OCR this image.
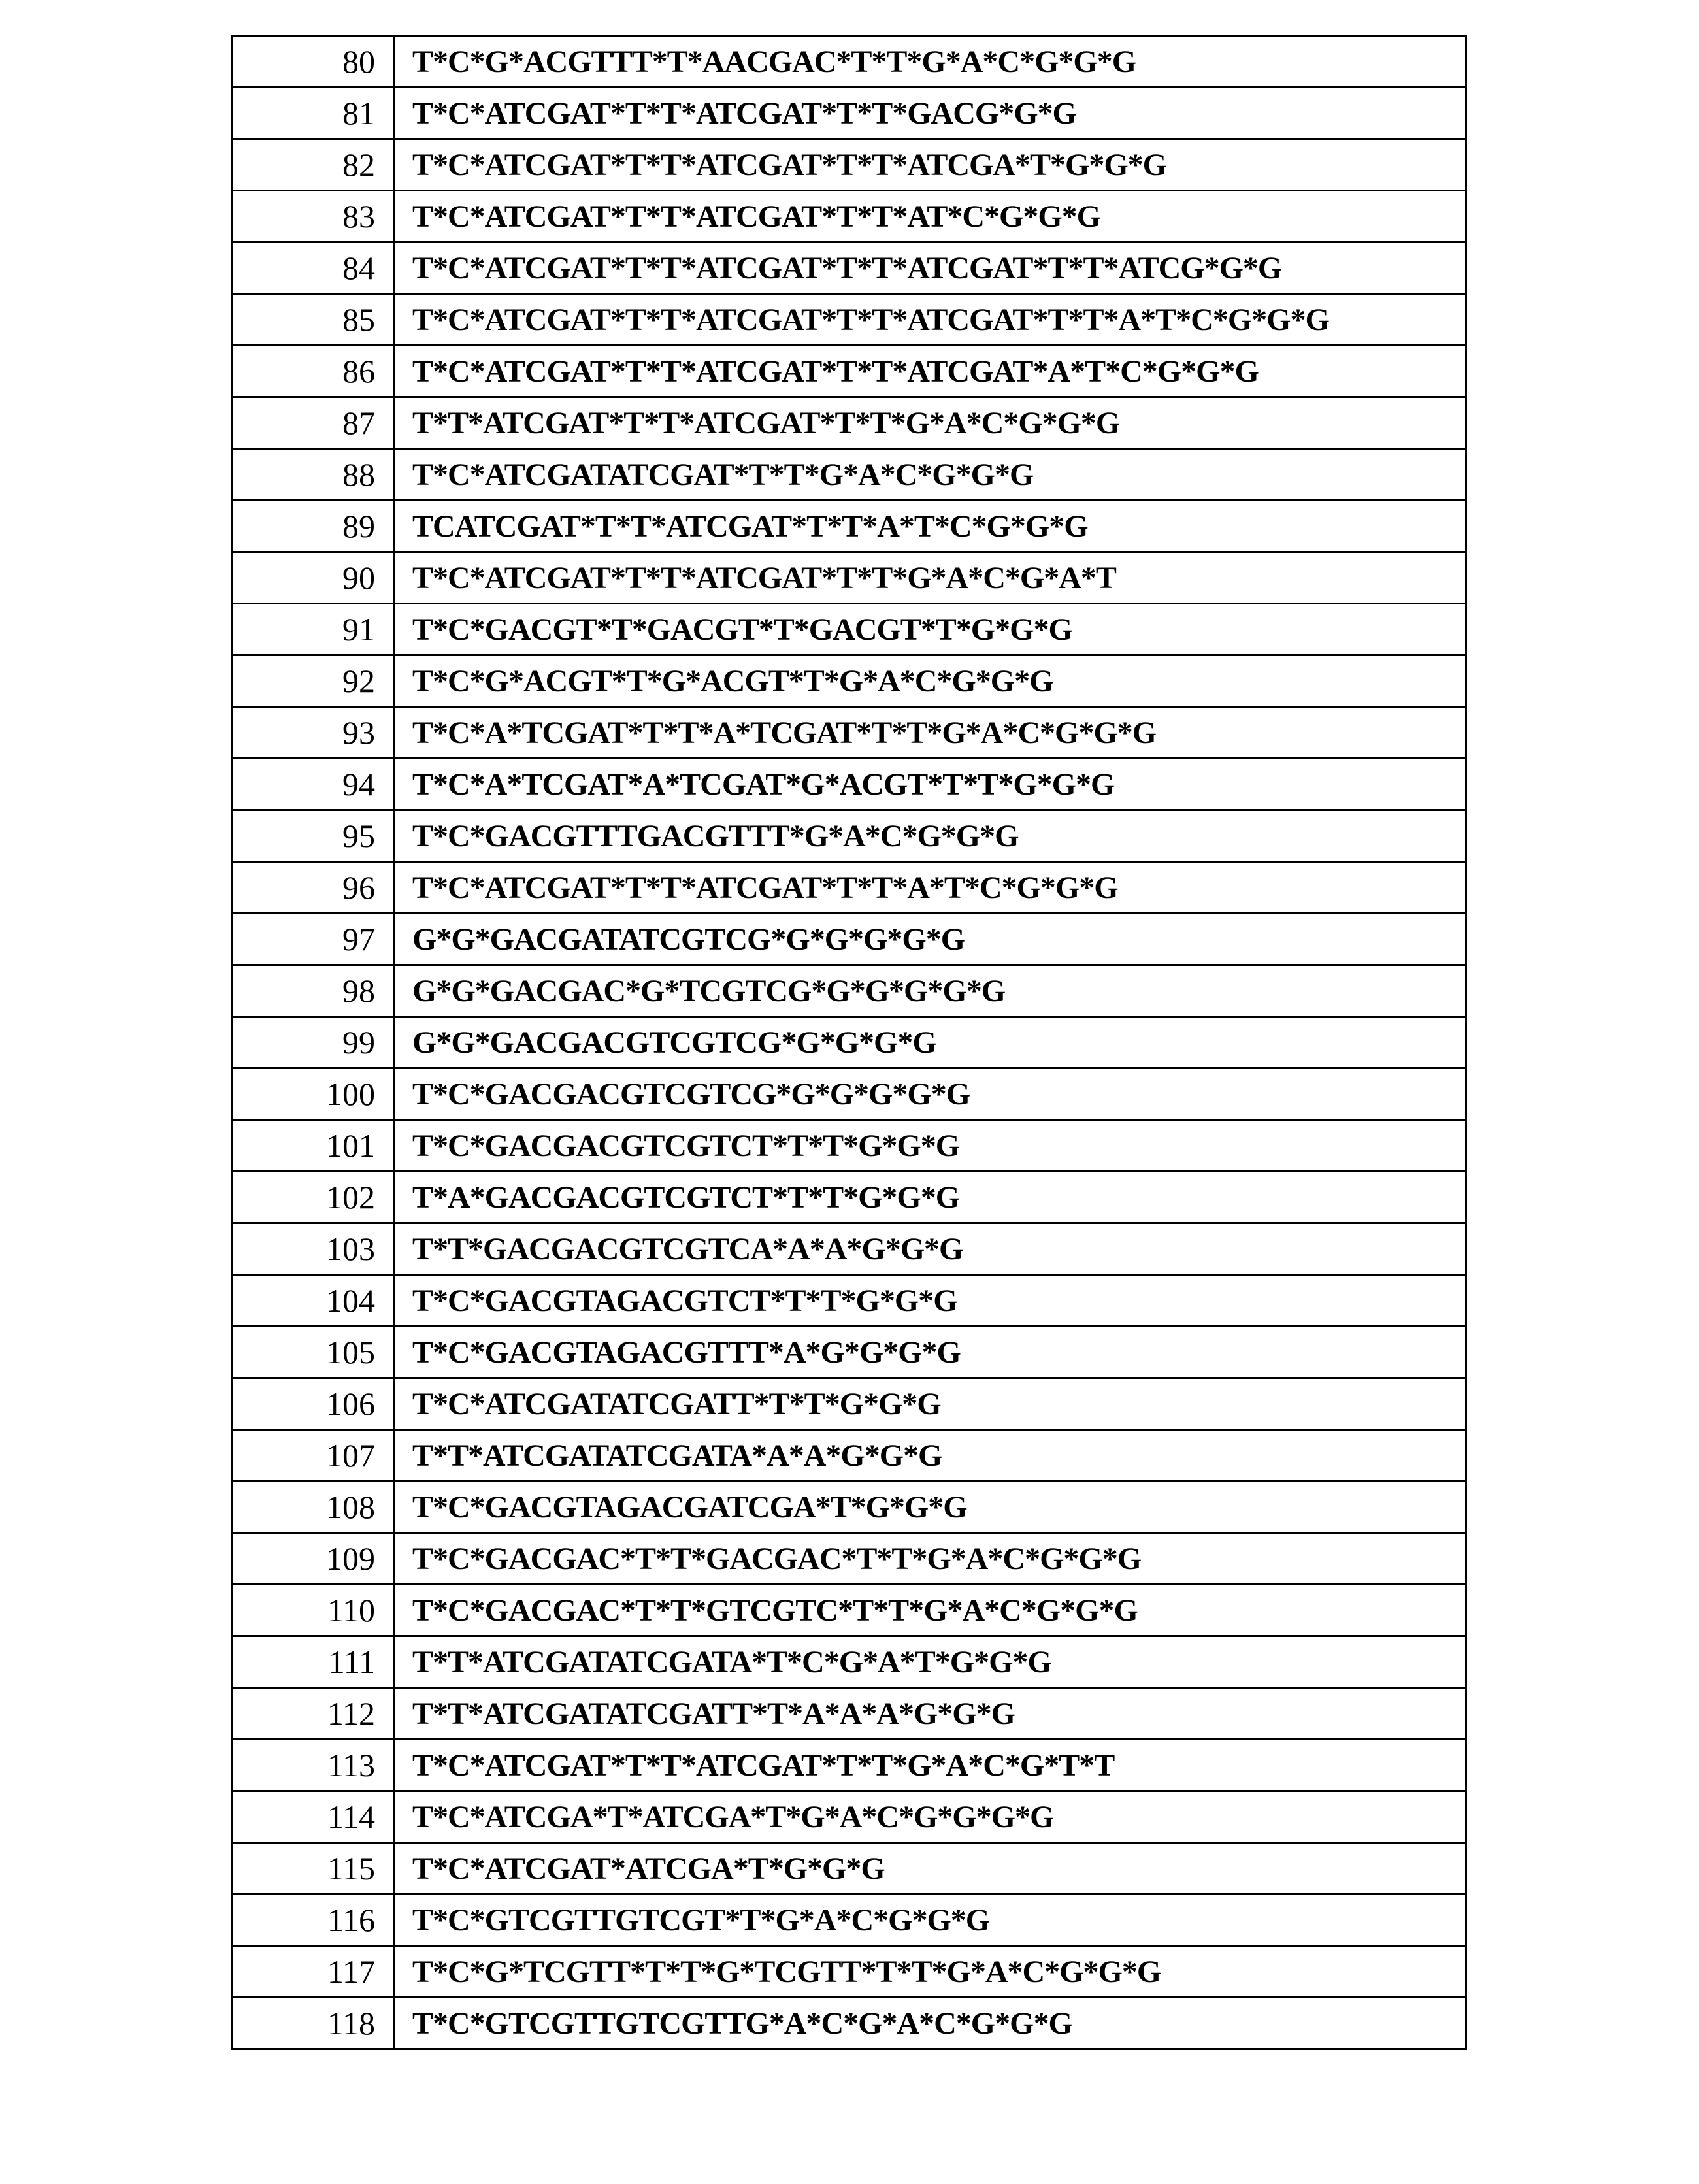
80	T*C*G*ACGTTT*T*AACGAC*T*T*G*A*C*G*G*G
81	T*C*ATCGAT*T*T*ATCGAT*T*T*GACG*G*G
82	T*C*ATCGAT*T*T*ATCGAT*T*T*ATCGA*T*G*G*G
83	T*C*ATCGAT*T*T*ATCGAT*T*T*AT*C*G*G*G
84	T*C*ATCGAT*T*T*ATCGAT*T*T*ATCGAT*T*T*ATCG*G*G
85	T*C*ATCGAT*T*T*ATCGAT*T*T*ATCGAT*T*T*A*T*C*G*G*G
86	T*C*ATCGAT*T*T*ATCGAT*T*T*ATCGAT*A*T*C*G*G*G
87	T*T*ATCGAT*T*T*ATCGAT*T*T*G*A*C*G*G*G
88	T*C*ATCGATATCGAT*T*T*G*A*C*G*G*G
89	TCATCGAT*T*T*ATCGAT*T*T*A*T*C*G*G*G
90	T*C*ATCGAT*T*T*ATCGAT*T*T*G*A*C*G*A*T
91	T*C*GACGT*T*GACGT*T*GACGT*T*G*G*G
92	T*C*G*ACGT*T*G*ACGT*T*G*A*C*G*G*G
93	T*C*A*TCGAT*T*T*A*TCGAT*T*T*G*A*C*G*G*G
94	T*C*A*TCGAT*A*TCGAT*G*ACGT*T*T*G*G*G
95	T*C*GACGTTTGACGTTT*G*A*C*G*G*G
96	T*C*ATCGAT*T*T*ATCGAT*T*T*A*T*C*G*G*G
97	G*G*GACGATATCGTCG*G*G*G*G*G
98	G*G*GACGAC*G*TCGTCG*G*G*G*G*G
99	G*G*GACGACGTCGTCG*G*G*G*G
100	T*C*GACGACGTCGTCG*G*G*G*G*G
101	T*C*GACGACGTCGTCT*T*T*G*G*G
102	T*A*GACGACGTCGTCT*T*T*G*G*G
103	T*T*GACGACGTCGTCA*A*A*G*G*G
104	T*C*GACGTAGACGTCT*T*T*G*G*G
105	T*C*GACGTAGACGTTT*A*G*G*G*G
106	T*C*ATCGATATCGATT*T*T*G*G*G
107	T*T*ATCGATATCGATA*A*A*G*G*G
108	T*C*GACGTAGACGATCGA*T*G*G*G
109	T*C*GACGAC*T*T*GACGAC*T*T*G*A*C*G*G*G
110	T*C*GACGAC*T*T*GTCGTC*T*T*G*A*C*G*G*G
111	T*T*ATCGATATCGATA*T*C*G*A*T*G*G*G
112	T*T*ATCGATATCGATT*T*A*A*A*G*G*G
113	T*C*ATCGAT*T*T*ATCGAT*T*T*G*A*C*G*T*T
114	T*C*ATCGA*T*ATCGA*T*G*A*C*G*G*G*G
115	T*C*ATCGAT*ATCGA*T*G*G*G
116	T*C*GTCGTTGTCGT*T*G*A*C*G*G*G
117	T*C*G*TCGTT*T*T*G*TCGTT*T*T*G*A*C*G*G*G
118	T*C*GTCGTTGTCGTTG*A*C*G*A*C*G*G*G
